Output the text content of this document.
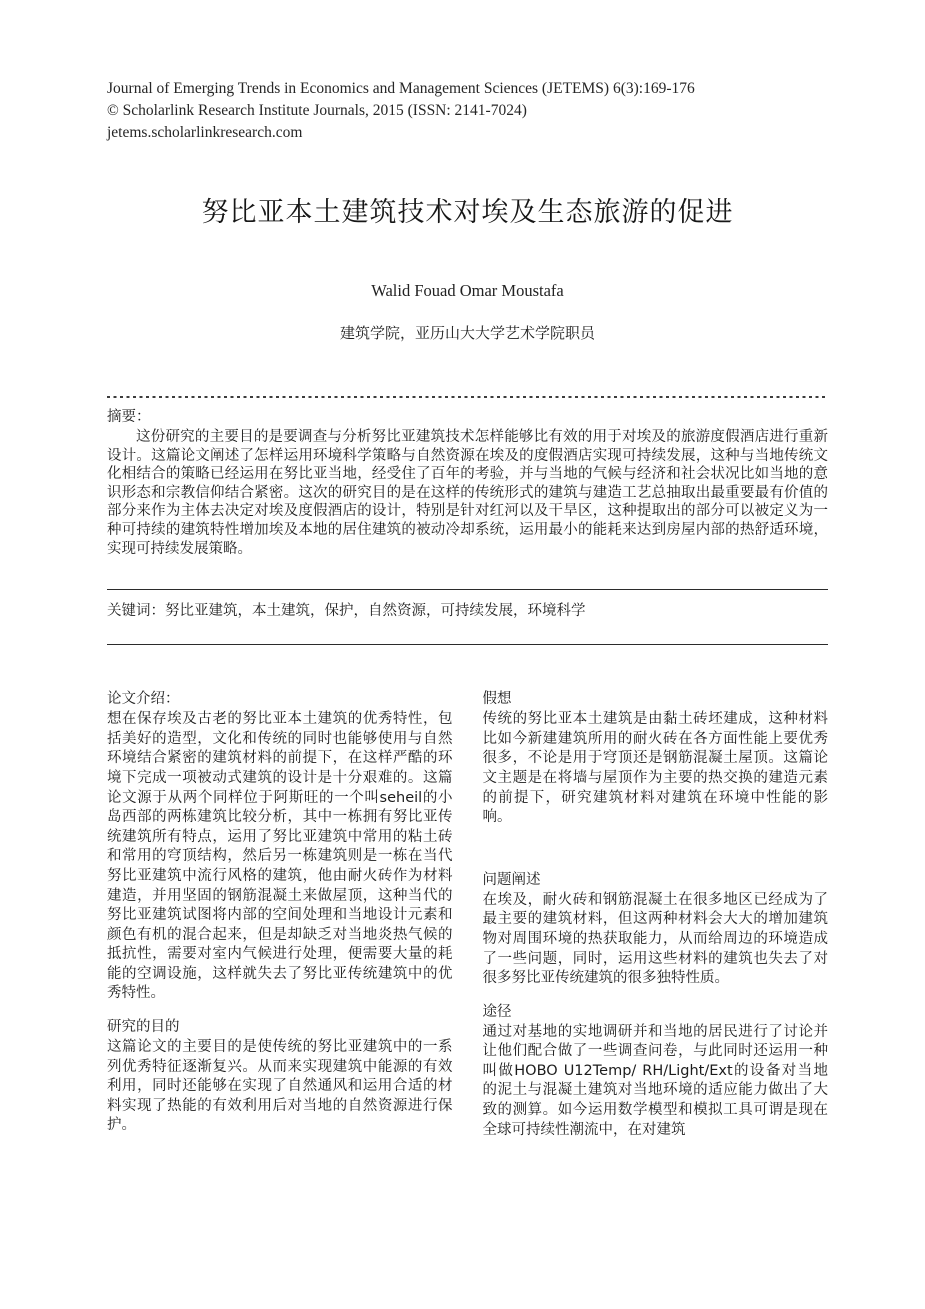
Journal of Emerging Trends in Economics and Management Sciences (JETEMS) 6(3):169-176
© Scholarlink Research Institute Journals, 2015 (ISSN: 2141-7024)
jetems.scholarlinkresearch.com
努比亚本土建筑技术对埃及生态旅游的促进
Walid Fouad Omar Moustafa
建筑学院，亚历山大大学艺术学院职员
摘要：

这份研究的主要目的是要调查与分析努比亚建筑技术怎样能够比有效的用于对埃及的旅游度假酒店进行重新设计。这篇论文阐述了怎样运用环境科学策略与自然资源在埃及的度假酒店实现可持续发展，这种与当地传统文化相结合的策略已经运用在努比亚当地，经受住了百年的考验，并与当地的气候与经济和社会状况比如当地的意识形态和宗教信仰结合紧密。这次的研究目的是在这样的传统形式的建筑与建造工艺总抽取出最重要最有价值的部分来作为主体去决定对埃及度假酒店的设计，特别是针对红河以及干旱区，这种提取出的部分可以被定义为一种可持续的建筑特性增加埃及本地的居住建筑的被动冷却系统，运用最小的能耗来达到房屋内部的热舒适环境，实现可持续发展策略。

关键词：努比亚建筑，本土建筑，保护，自然资源，可持续发展，环境科学
论文介绍：
想在保存埃及古老的努比亚本土建筑的优秀特性，包括美好的造型，文化和传统的同时也能够使用与自然环境结合紧密的建筑材料的前提下，在这样严酷的环境下完成一项被动式建筑的设计是十分艰难的。这篇论文源于从两个同样位于阿斯旺的一个叫seheil的小岛西部的两栋建筑比较分析，其中一栋拥有努比亚传统建筑所有特点，运用了努比亚建筑中常用的粘土砖和常用的穹顶结构，然后另一栋建筑则是一栋在当代努比亚建筑中流行风格的建筑，他由耐火砖作为材料建造，并用坚固的钢筋混凝土来做屋顶，这种当代的努比亚建筑试图将内部的空间处理和当地设计元素和颜色有机的混合起来，但是却缺乏对当地炎热气候的抵抗性，需要对室内气候进行处理，便需要大量的耗能的空调设施，这样就失去了努比亚传统建筑中的优秀特性。
研究的目的
这篇论文的主要目的是使传统的努比亚建筑中的一系列优秀特征逐渐复兴。从而来实现建筑中能源的有效利用，同时还能够在实现了自然通风和运用合适的材料实现了热能的有效利用后对当地的自然资源进行保护。
假想
传统的努比亚本土建筑是由黏土砖坯建成，这种材料比如今新建建筑所用的耐火砖在各方面性能上要优秀很多，不论是用于穹顶还是钢筋混凝土屋顶。这篇论文主题是在将墙与屋顶作为主要的热交换的建造元素的前提下，研究建筑材料对建筑在环境中性能的影响。
问题阐述
在埃及，耐火砖和钢筋混凝土在很多地区已经成为了最主要的建筑材料，但这两种材料会大大的增加建筑物对周围环境的热获取能力，从而给周边的环境造成了一些问题，同时，运用这些材料的建筑也失去了对很多努比亚传统建筑的很多独特性质。
途径
通过对基地的实地调研并和当地的居民进行了讨论并让他们配合做了一些调查问卷，与此同时还运用一种叫做HOBO U12Temp/ RH/Light/Ext的设备对当地的泥土与混凝土建筑对当地环境的适应能力做出了大致的测算。如今运用数学模型和模拟工具可谓是现在全球可持续性潮流中，在对建筑
